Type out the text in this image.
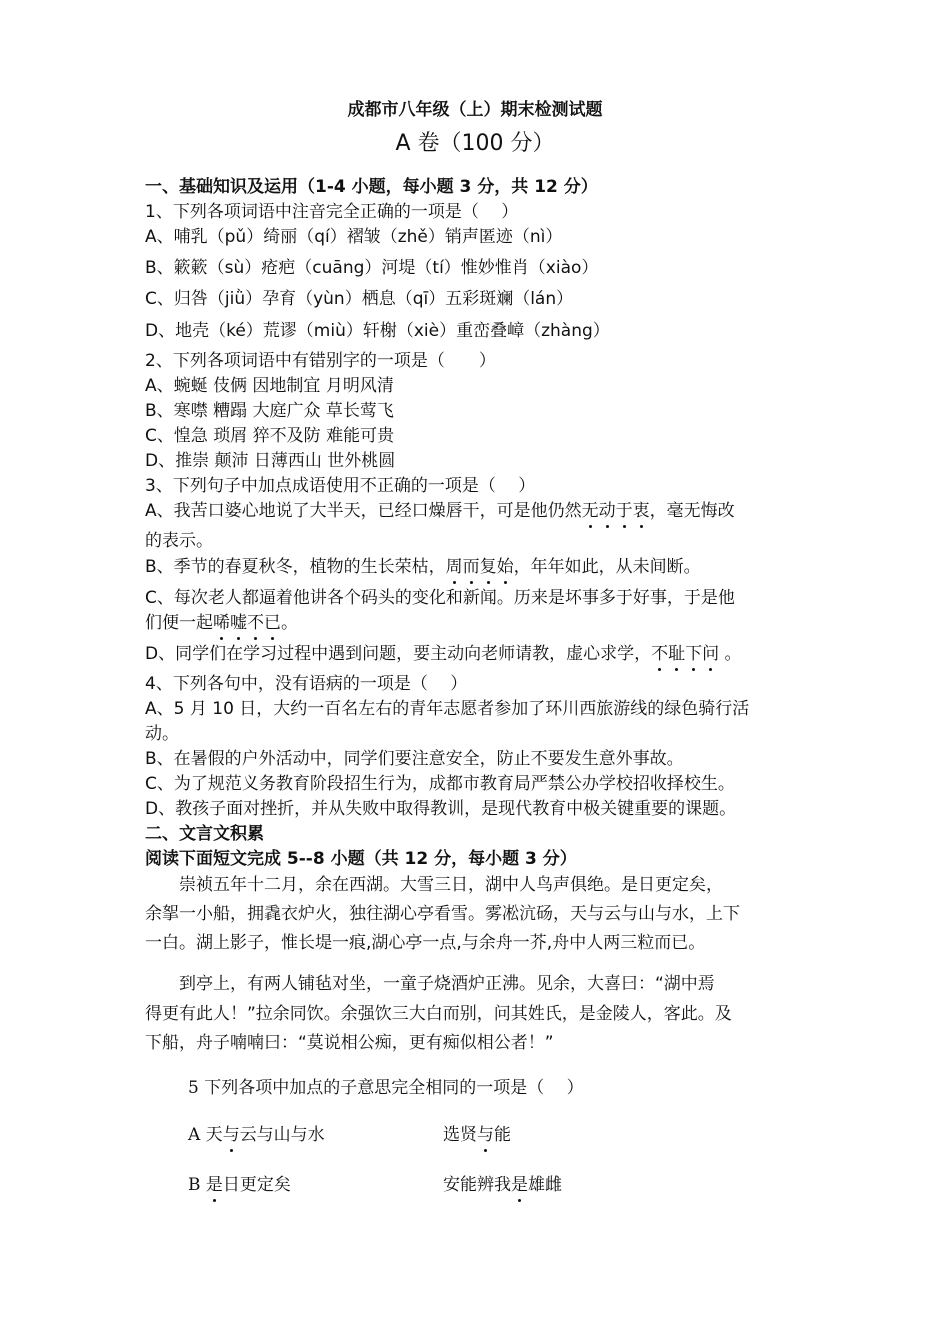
成都市八年级（上）期末检测试题
A 卷（100 分）
一、基础知识及运用（1-4 小题，每小题 3 分，共 12 分）
1、下列各项词语中注音完全正确的一项是（　 ）
A、哺乳（pǔ）绮丽（qí）褶皱（zhě）销声匿迹（nì）
B、簌簌（sù）疮疤（cuāng）河堤（tí）惟妙惟肖（xiào）
C、归咎（jiǜ）孕育（yùn）栖息（qī）五彩斑斓（lán）
D、地壳（ké）荒谬（miù）轩榭（xiè）重峦叠嶂（zhàng）
2、下列各项词语中有错别字的一项是（　　）
A、蜿蜒 伎俩 因地制宜 月明风清
B、寒噤 糟蹋 大庭广众 草长莺飞
C、惶急 琐屑 猝不及防 难能可贵
D、推崇 颠沛 日薄西山 世外桃圆
3、下列句子中加点成语使用不正确的一项是（　 ）
A、我苦口婆心地说了大半天，已经口燥唇干，可是他仍然无动于衷，毫无悔改
的表示。
B、季节的春夏秋冬，植物的生长荣枯，周而复始，年年如此，从未间断。
C、每次老人都逼着他讲各个码头的变化和新闻。历来是坏事多于好事，于是他
们便一起唏嘘不已。
D、同学们在学习过程中遇到问题，要主动向老师请教，虚心求学，不耻下问 。
4、下列各句中，没有语病的一项是（　 ）
A、5 月 10 日，大约一百名左右的青年志愿者参加了环川西旅游线的绿色骑行活
动。
B、在暑假的户外活动中，同学们要注意安全，防止不要发生意外事故。
C、为了规范义务教育阶段招生行为，成都市教育局严禁公办学校招收择校生。
D、教孩子面对挫折，并从失败中取得教训，是现代教育中极关键重要的课题。
二、文言文积累
阅读下面短文完成 5--8 小题（共 12 分，每小题 3 分）
　　崇祯五年十二月，余在西湖。大雪三日，湖中人鸟声俱绝。是日更定矣，
余挐一小船，拥毳衣炉火，独往湖心亭看雪。雾凇沆砀，天与云与山与水，上下
一白。湖上影子，惟长堤一痕,湖心亭一点,与余舟一芥,舟中人两三粒而已。
　　到亭上，有两人铺毡对坐，一童子烧酒炉正沸。见余，大喜曰：“湖中焉
得更有此人！”拉余同饮。余强饮三大白而别，问其姓氏，是金陵人，客此。及
下船，舟子喃喃曰：“莫说相公痴，更有痴似相公者！”
5 下列各项中加点的子意思完全相同的一项是（　 ）
A 天与云与山与水	选贤与能
B 是日更定矣	安能辨我是雄雌
